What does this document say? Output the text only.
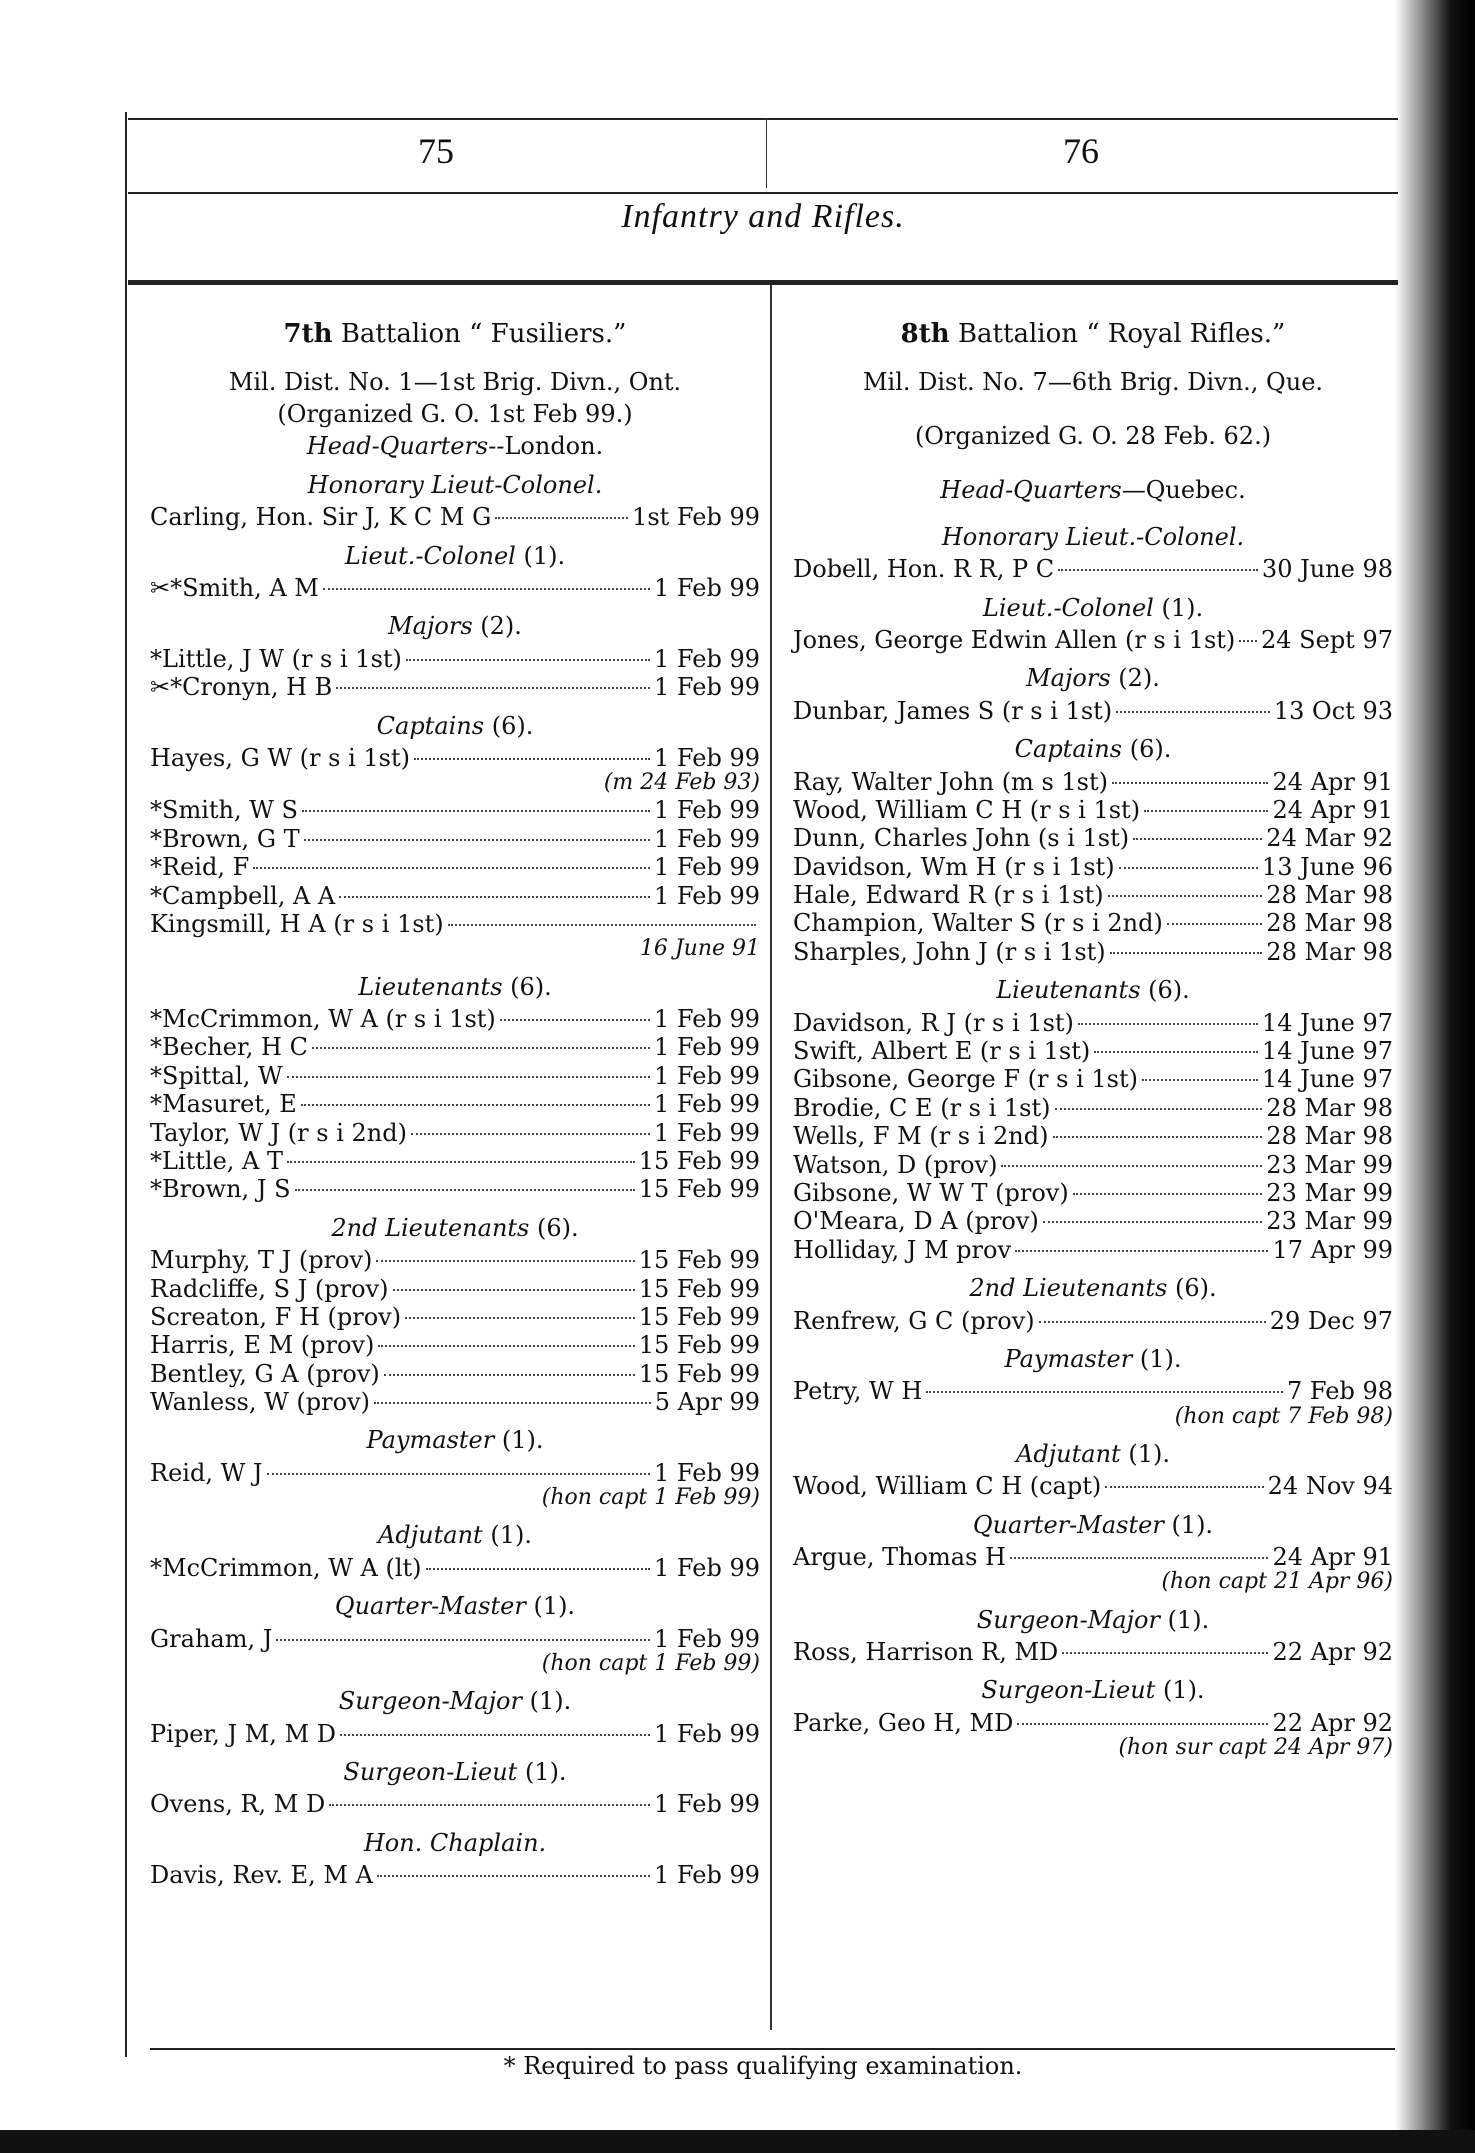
75	76
Infantry and Rifles.
7th Battalion “ Fusiliers.”
Mil. Dist. No. 1—1st Brig. Divn., Ont.
(Organized G. O. 1st Feb 99.)
Head-Quarters--London.
Honorary Lieut-Colonel.
Carling, Hon. Sir J, K C M G	1st Feb 99
Lieut.-Colonel (1).
✂*Smith, A M	1 Feb 99
Majors (2).
*Little, J W (r s i 1st)	1 Feb 99
✂*Cronyn, H B	1 Feb 99
Captains (6).
Hayes, G W (r s i 1st)	1 Feb 99
(m 24 Feb 93)
*Smith, W S	1 Feb 99
*Brown, G T	1 Feb 99
*Reid, F	1 Feb 99
*Campbell, A A	1 Feb 99
Kingsmill, H A (r s i 1st)
16 June 91
Lieutenants (6).
*McCrimmon, W A (r s i 1st)	1 Feb 99
*Becher, H C	1 Feb 99
*Spittal, W	1 Feb 99
*Masuret, E	1 Feb 99
Taylor, W J (r s i 2nd)	1 Feb 99
*Little, A T	15 Feb 99
*Brown, J S	15 Feb 99
2nd Lieutenants (6).
Murphy, T J (prov)	15 Feb 99
Radcliffe, S J (prov)	15 Feb 99
Screaton, F H (prov)	15 Feb 99
Harris, E M (prov)	15 Feb 99
Bentley, G A (prov)	15 Feb 99
Wanless, W (prov)	5 Apr 99
Paymaster (1).
Reid, W J	1 Feb 99
(hon capt 1 Feb 99)
Adjutant (1).
*McCrimmon, W A (lt)	1 Feb 99
Quarter-Master (1).
Graham, J	1 Feb 99
(hon capt 1 Feb 99)
Surgeon-Major (1).
Piper, J M, M D	1 Feb 99
Surgeon-Lieut (1).
Ovens, R, M D	1 Feb 99
Hon. Chaplain.
Davis, Rev. E, M A	1 Feb 99
8th Battalion “ Royal Rifles.”
Mil. Dist. No. 7—6th Brig. Divn., Que.
(Organized G. O. 28 Feb. 62.)
Head-Quarters—Quebec.
Honorary Lieut.-Colonel.
Dobell, Hon. R R, P C	30 June 98
Lieut.-Colonel (1).
Jones, George Edwin Allen (r s i 1st) 24 Sept 97
Majors (2).
Dunbar, James S (r s i 1st)	13 Oct 93
Captains (6).
Ray, Walter John (m s 1st)	24 Apr 91
Wood, William C H (r s i 1st)	24 Apr 91
Dunn, Charles John (s i 1st)	24 Mar 92
Davidson, Wm H (r s i 1st)	13 June 96
Hale, Edward R (r s i 1st)	28 Mar 98
Champion, Walter S (r s i 2nd)	28 Mar 98
Sharples, John J (r s i 1st)	28 Mar 98
Lieutenants (6).
Davidson, R J (r s i 1st)	14 June 97
Swift, Albert E (r s i 1st)	14 June 97
Gibsone, George F (r s i 1st)	14 June 97
Brodie, C E (r s i 1st)	28 Mar 98
Wells, F M (r s i 2nd)	28 Mar 98
Watson, D (prov)	23 Mar 99
Gibsone, W W T (prov)	23 Mar 99
O'Meara, D A (prov)	23 Mar 99
Holliday, J M prov	17 Apr 99
2nd Lieutenants (6).
Renfrew, G C (prov)	29 Dec 97
Paymaster (1).
Petry, W H	7 Feb 98
(hon capt 7 Feb 98)
Adjutant (1).
Wood, William C H (capt)	24 Nov 94
Quarter-Master (1).
Argue, Thomas H	24 Apr 91
(hon capt 21 Apr 96)
Surgeon-Major (1).
Ross, Harrison R, MD	22 Apr 92
Surgeon-Lieut (1).
Parke, Geo H, MD	22 Apr 92
(hon sur capt 24 Apr 97)
* Required to pass qualifying examination.
